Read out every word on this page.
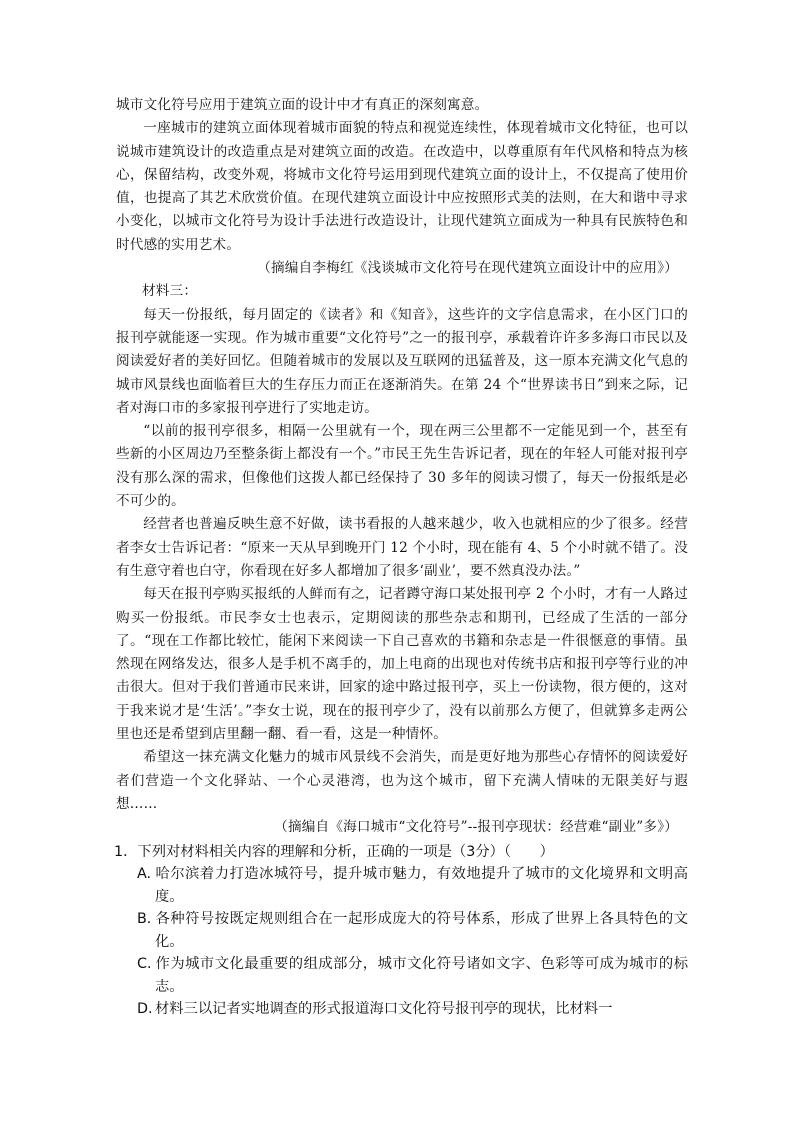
城市文化符号应用于建筑立面的设计中才有真正的深刻寓意。

一座城市的建筑立面体现着城市面貌的特点和视觉连续性，体现着城市文化特征，也可以说城市建筑设计的改造重点是对建筑立面的改造。在改造中，以尊重原有年代风格和特点为核心，保留结构，改变外观，将城市文化符号运用到现代建筑立面的设计上，不仅提高了使用价值，也提高了其艺术欣赏价值。在现代建筑立面设计中应按照形式美的法则，在大和谐中寻求小变化，以城市文化符号为设计手法进行改造设计，让现代建筑立面成为一种具有民族特色和时代感的实用艺术。

（摘编自李梅红《浅谈城市文化符号在现代建筑立面设计中的应用》）

材料三：

每天一份报纸，每月固定的《读者》和《知音》，这些许的文字信息需求，在小区门口的报刊亭就能逐一实现。作为城市重要“文化符号”之一的报刊亭，承载着许许多多海口市民以及阅读爱好者的美好回忆。但随着城市的发展以及互联网的迅猛普及，这一原本充满文化气息的城市风景线也面临着巨大的生存压力而正在逐渐消失。在第 24 个“世界读书日”到来之际，记者对海口市的多家报刊亭进行了实地走访。

“以前的报刊亭很多，相隔一公里就有一个，现在两三公里都不一定能见到一个，甚至有些新的小区周边乃至整条街上都没有一个。”市民王先生告诉记者，现在的年轻人可能对报刊亭没有那么深的需求，但像他们这拨人都已经保持了 30 多年的阅读习惯了，每天一份报纸是必不可少的。

经营者也普遍反映生意不好做，读书看报的人越来越少，收入也就相应的少了很多。经营者李女士告诉记者：“原来一天从早到晚开门 12 个小时，现在能有 4、5 个小时就不错了。没有生意守着也白守，你看现在好多人都增加了很多‘副业’，要不然真没办法。”

每天在报刊亭购买报纸的人鲜而有之，记者蹲守海口某处报刊亭 2 个小时，才有一人路过购买一份报纸。市民李女士也表示，定期阅读的那些杂志和期刊，已经成了生活的一部分了。“现在工作都比较忙，能闲下来阅读一下自己喜欢的书籍和杂志是一件很惬意的事情。虽然现在网络发达，很多人是手机不离手的，加上电商的出现也对传统书店和报刊亭等行业的冲击很大。但对于我们普通市民来讲，回家的途中路过报刊亭，买上一份读物，很方便的，这对于我来说才是‘生活’。”李女士说，现在的报刊亭少了，没有以前那么方便了，但就算多走两公里也还是希望到店里翻一翻、看一看，这是一种情怀。

希望这一抹充满文化魅力的城市风景线不会消失，而是更好地为那些心存情怀的阅读爱好者们营造一个文化驿站、一个心灵港湾，也为这个城市，留下充满人情味的无限美好与遐想……

（摘编自《海口城市“文化符号”--报刊亭现状：经营难“副业”多》）

1．下列对材料相关内容的理解和分析，正确的一项是（3分）（　　）

A. 哈尔滨着力打造冰城符号，提升城市魅力，有效地提升了城市的文化境界和文明高度。

B. 各种符号按既定规则组合在一起形成庞大的符号体系，形成了世界上各具特色的文化。

C. 作为城市文化最重要的组成部分，城市文化符号诸如文字、色彩等可成为城市的标志。

D. 材料三以记者实地调查的形式报道海口文化符号报刊亭的现状，比材料一
